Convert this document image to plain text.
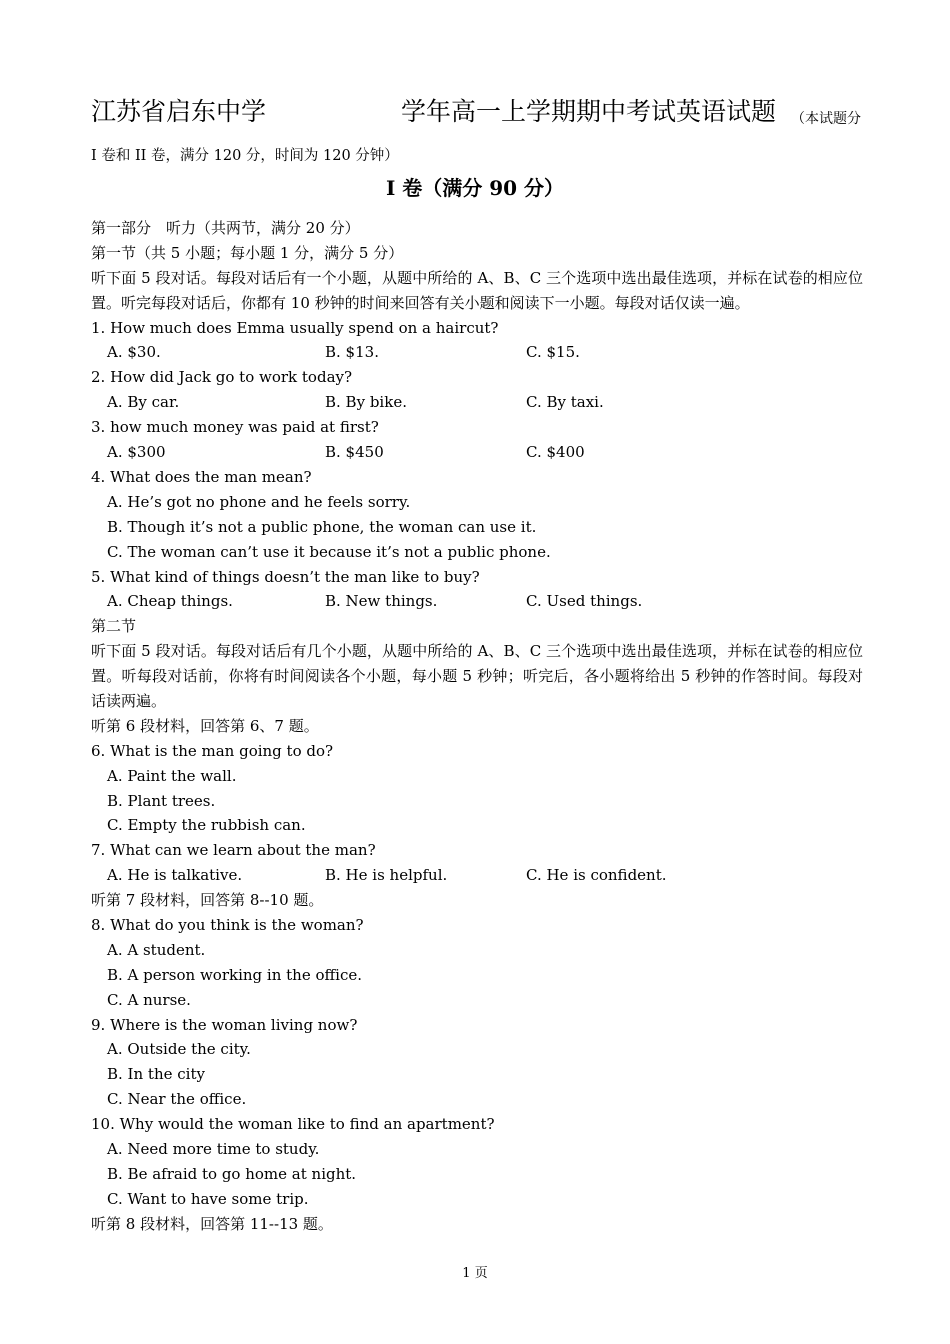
江苏省启东中学	学年高一上学期期中考试英语试题 （本试题分
I 卷和 II 卷，满分 120 分，时间为 120 分钟）
I 卷（满分 90 分）
第一部分　听力（共两节，满分 20 分）
第一节（共 5 小题；每小题 1 分，满分 5 分）
听下面 5 段对话。每段对话后有一个小题，从题中所给的 A、B、C 三个选项中选出最佳选项，并标在试卷的相应位置。听完每段对话后，你都有 10 秒钟的时间来回答有关小题和阅读下一小题。每段对话仅读一遍。
1. How much does Emma usually spend on a haircut?
A. $30.	B. $13.	C. $15.
2. How did Jack go to work today?
A. By car.	B. By bike.	C. By taxi.
3. how much money was paid at first?
A. $300	B. $450	C. $400
4. What does the man mean?
A. He’s got no phone and he feels sorry.
B. Though it’s not a public phone, the woman can use it.
C. The woman can’t use it because it’s not a public phone.
5. What kind of things doesn’t the man like to buy?
A. Cheap things.	B. New things.	C. Used things.
第二节
听下面 5 段对话。每段对话后有几个小题，从题中所给的 A、B、C 三个选项中选出最佳选项，并标在试卷的相应位置。听每段对话前，你将有时间阅读各个小题，每小题 5 秒钟；听完后，各小题将给出 5 秒钟的作答时间。每段对话读两遍。
听第 6 段材料，回答第 6、7 题。
6. What is the man going to do?
A. Paint the wall.
B. Plant trees.
C. Empty the rubbish can.
7. What can we learn about the man?
A. He is talkative.	B. He is helpful.	C. He is confident.
听第 7 段材料，回答第 8--10 题。
8. What do you think is the woman?
A. A student.
B. A person working in the office.
C. A nurse.
9. Where is the woman living now?
A. Outside the city.
B. In the city
C. Near the office.
10. Why would the woman like to find an apartment?
A. Need more time to study.
B. Be afraid to go home at night.
C. Want to have some trip.
听第 8 段材料，回答第 11--13 题。
1 页
